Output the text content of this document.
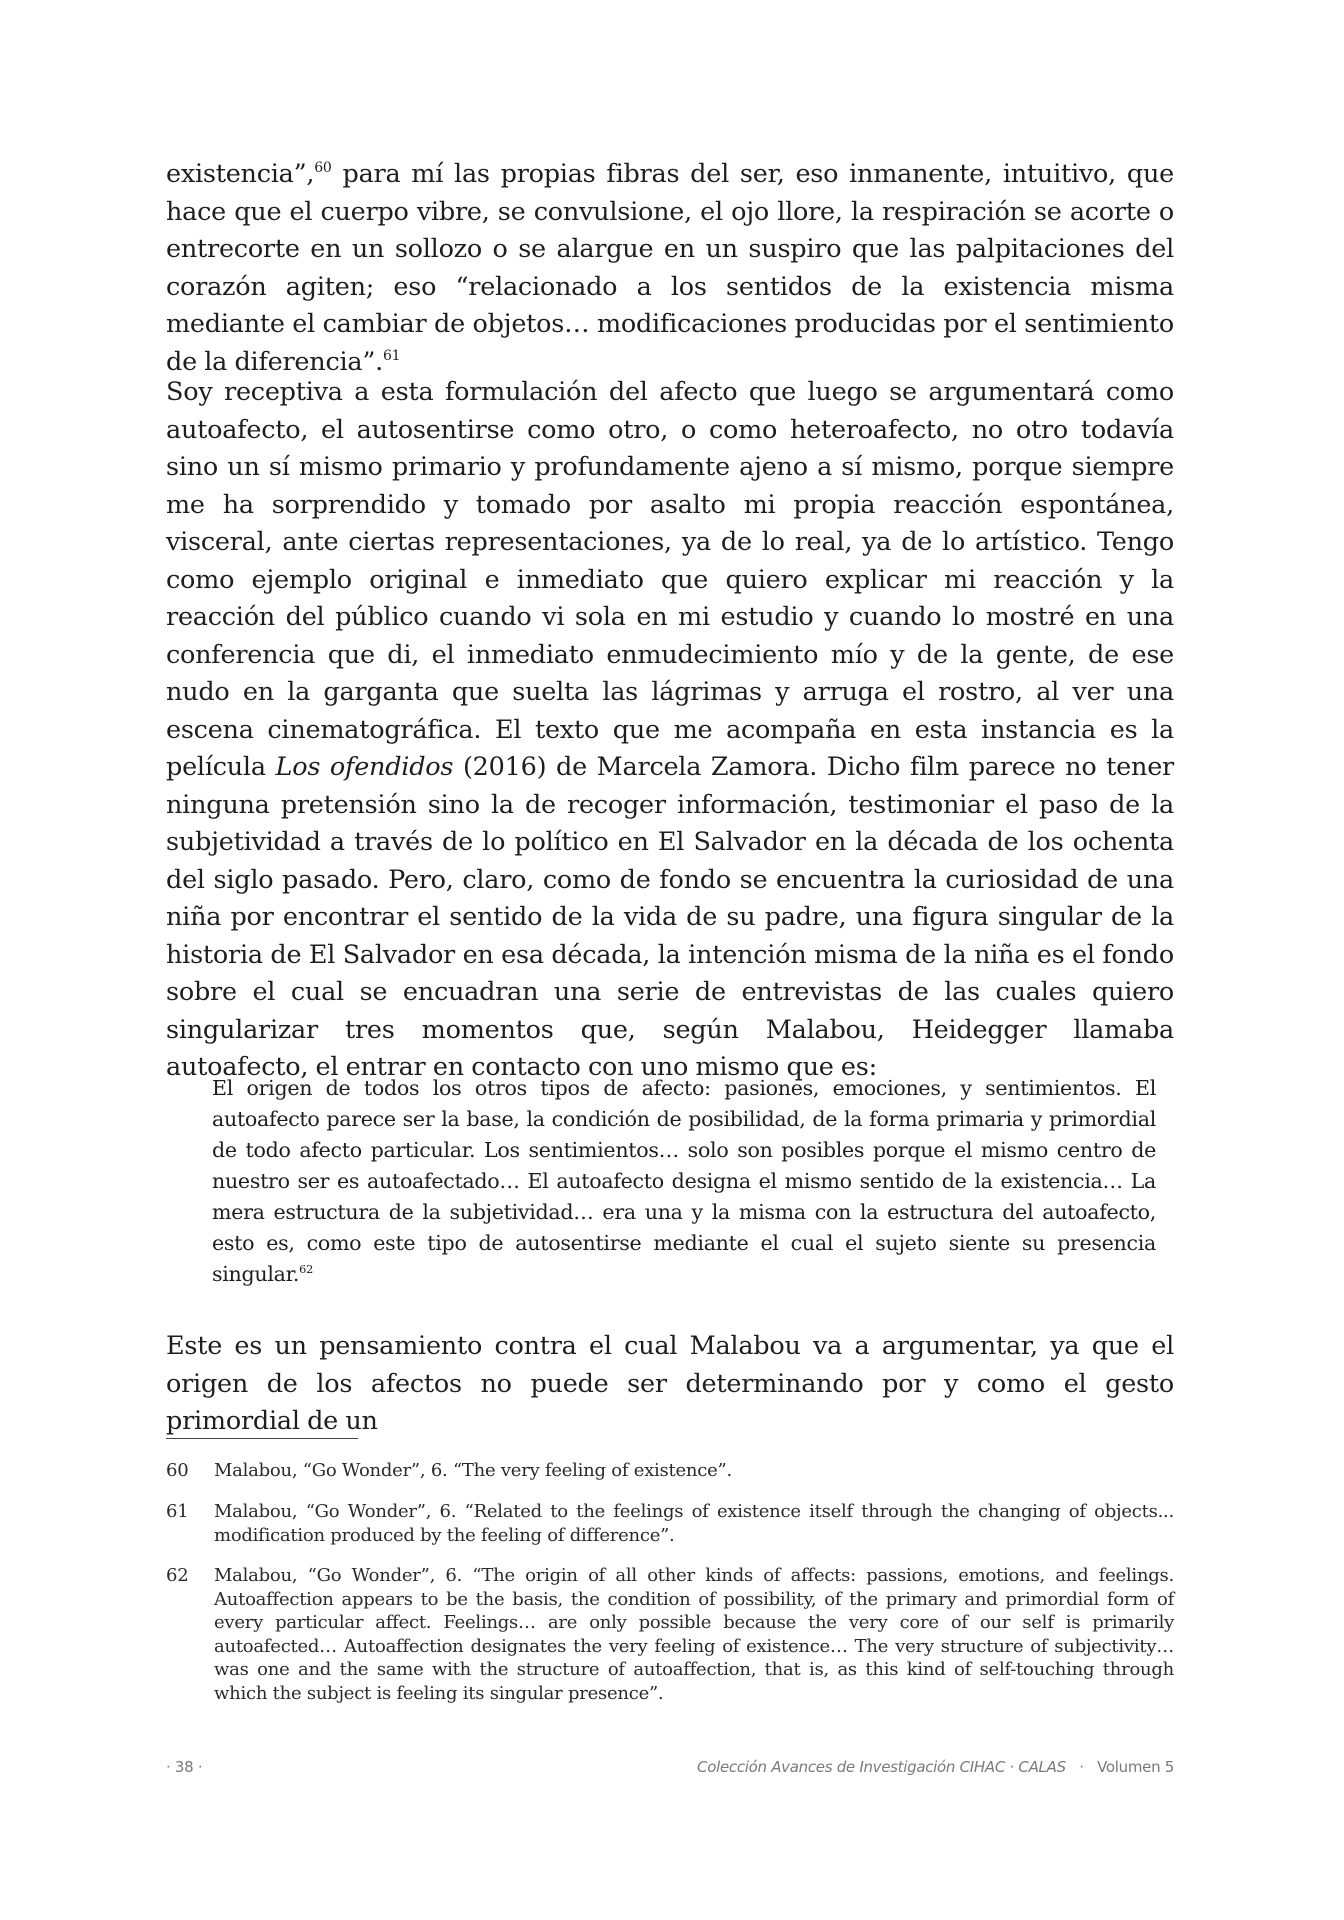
existencia”,$^{60}$ para mí las propias fibras del ser, eso inmanente, intuitivo, que hace que el cuerpo vibre, se convulsione, el ojo llore, la respiración se acorte o entrecorte en un sollozo o se alargue en un suspiro que las palpitaciones del corazón agiten; eso “relacionado a los sentidos de la existencia misma mediante el cambiar de objetos… modificaciones producidas por el sentimiento de la diferencia”.$^{61}$

Soy receptiva a esta formulación del afecto que luego se argumentará como autoafecto, el autosentirse como otro, o como heteroafecto, no otro todavía sino un sí mismo primario y profundamente ajeno a sí mismo, porque siempre me ha sorprendido y tomado por asalto mi propia reacción espontánea, visceral, ante ciertas representaciones, ya de lo real, ya de lo artístico. Tengo como ejemplo original e inmediato que quiero explicar mi reacción y la reacción del público cuando vi sola en mi estudio y cuando lo mostré en una conferencia que di, el inmediato enmudecimiento mío y de la gente, de ese nudo en la garganta que suelta las lágrimas y arruga el rostro, al ver una escena cinematográfica. El texto que me acompaña en esta instancia es la película Los ofendidos (2016) de Marcela Zamora. Dicho film parece no tener ninguna pretensión sino la de recoger información, testimoniar el paso de la subjetividad a través de lo político en El Salvador en la década de los ochenta del siglo pasado. Pero, claro, como de fondo se encuentra la curiosidad de una niña por encontrar el sentido de la vida de su padre, una figura singular de la historia de El Salvador en esa década, la intención misma de la niña es el fondo sobre el cual se encuadran una serie de entrevistas de las cuales quiero singularizar tres momentos que, según Malabou, Heidegger llamaba autoafecto, el entrar en contacto con uno mismo que es:

El origen de todos los otros tipos de afecto: pasiones, emociones, y sentimientos. El autoafecto parece ser la base, la condición de posibilidad, de la forma primaria y primordial de todo afecto particular. Los sentimientos… solo son posibles porque el mismo centro de nuestro ser es autoafectado… El autoafecto designa el mismo sentido de la existencia… La mera estructura de la subjetividad… era una y la misma con la estructura del autoafecto, esto es, como este tipo de autosentirse mediante el cual el sujeto siente su presencia singular.$^{62}$

Este es un pensamiento contra el cual Malabou va a argumentar, ya que el origen de los afectos no puede ser determinando por y como el gesto primordial de un

60	Malabou, “Go Wonder”, 6. “The very feeling of existence”.
61	Malabou, “Go Wonder”, 6. “Related to the feelings of existence itself through the changing of objects... modification produced by the feeling of difference”.
62	Malabou, “Go Wonder”, 6. “The origin of all other kinds of affects: passions, emotions, and feelings. Autoaffection appears to be the basis, the condition of possibility, of the primary and primordial form of every particular affect. Feelings… are only possible because the very core of our self is primarily autoafected… Autoaffection designates the very feeling of existence… The very structure of subjectivity… was one and the same with the structure of autoaffection, that is, as this kind of self-touching through which the subject is feeling its singular presence”.
· 38 ·	Colección Avances de Investigación CIHAC · CALAS · Volumen 5
